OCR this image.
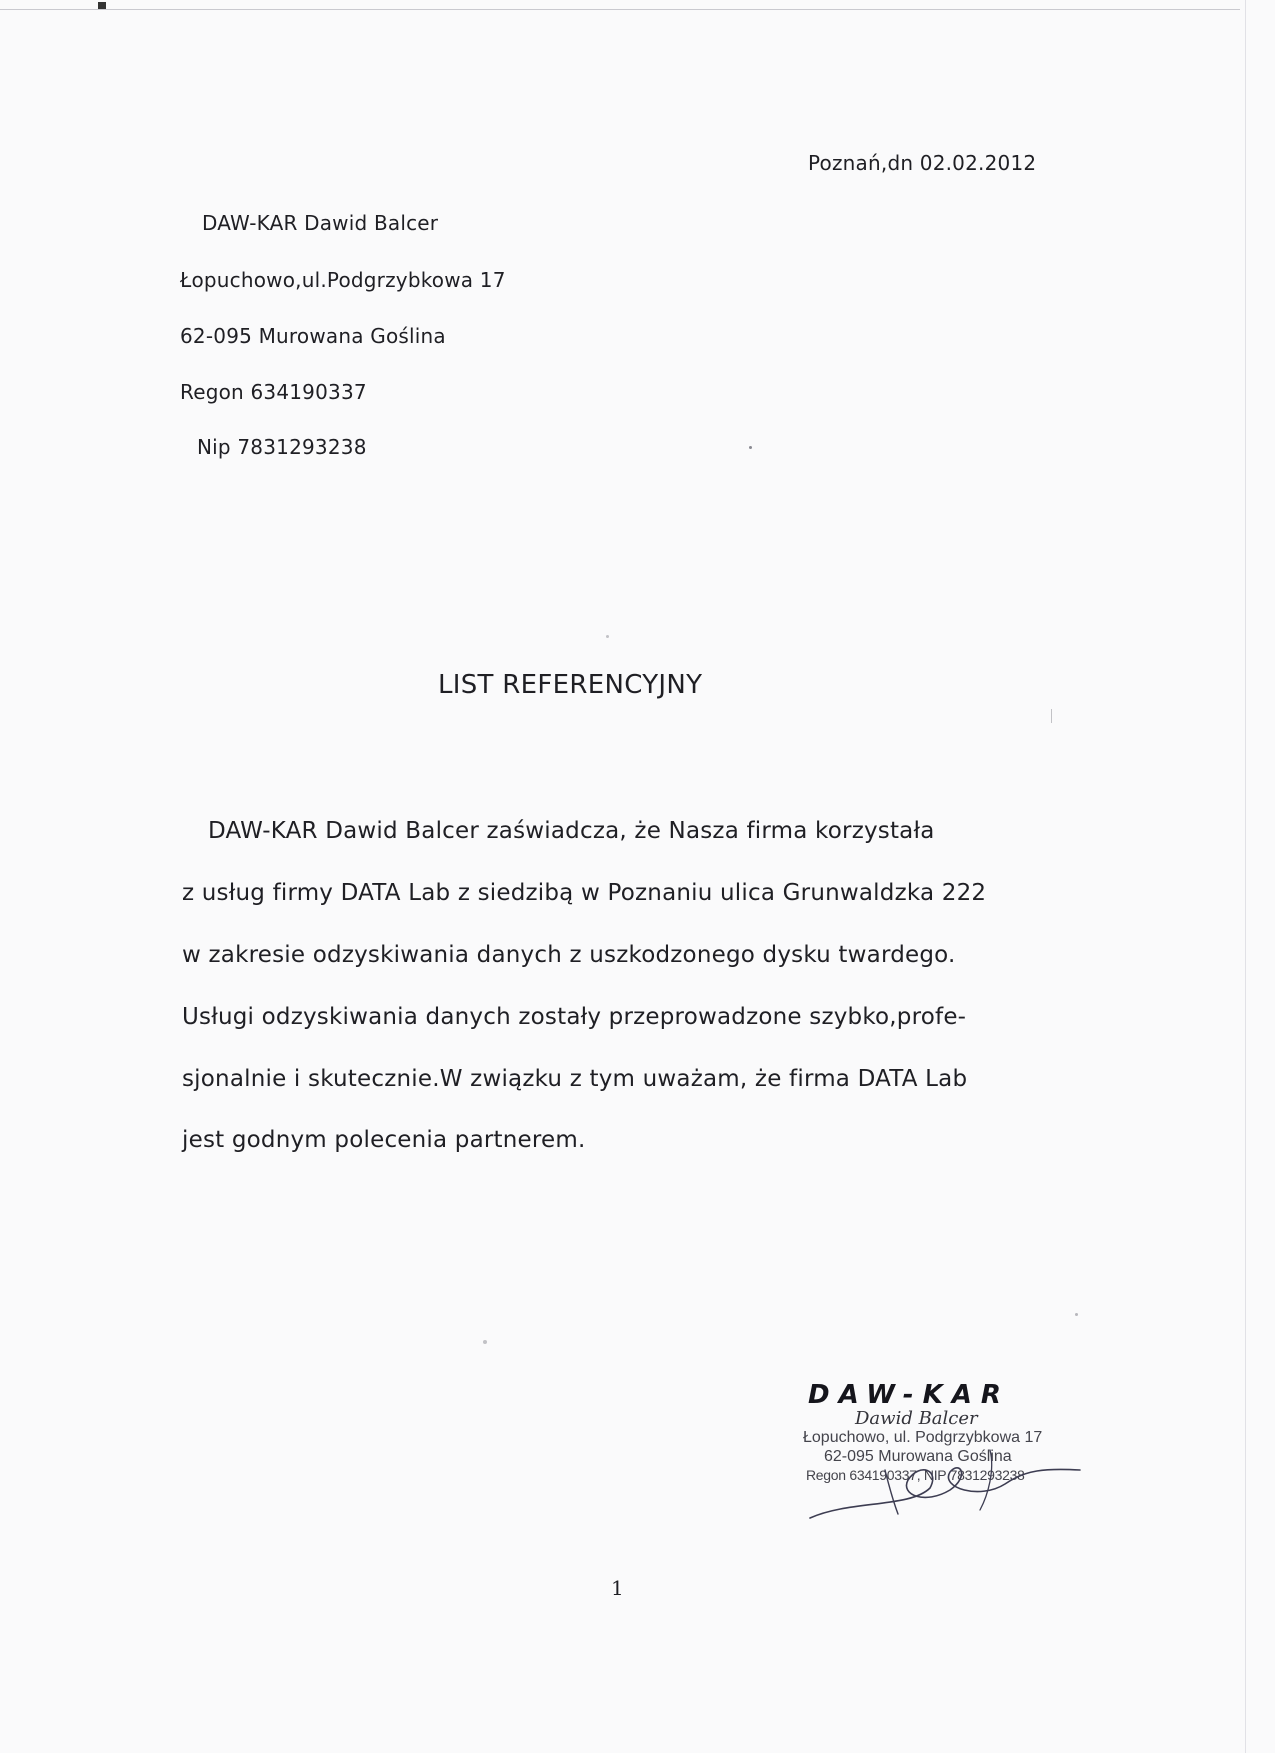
Poznań,dn 02.02.2012
DAW-KAR Dawid Balcer
Łopuchowo,ul.Podgrzybkowa 17
62-095 Murowana Goślina
Regon 634190337
Nip 7831293238
LIST REFERENCYJNY
DAW-KAR Dawid Balcer zaświadcza, że Nasza firma korzystała
z usług firmy DATA Lab z siedzibą w Poznaniu ulica Grunwaldzka 222
w zakresie odzyskiwania danych z uszkodzonego dysku twardego.
Usługi odzyskiwania danych zostały przeprowadzone szybko,profe-
sjonalnie i skutecznie.W związku z tym uważam, że firma DATA Lab
jest godnym polecenia partnerem.
DAW-KAR
Dawid Balcer
Łopuchowo, ul. Podgrzybkowa 17
62-095 Murowana Goślina
Regon 634190337, NIP 7831293238
1
